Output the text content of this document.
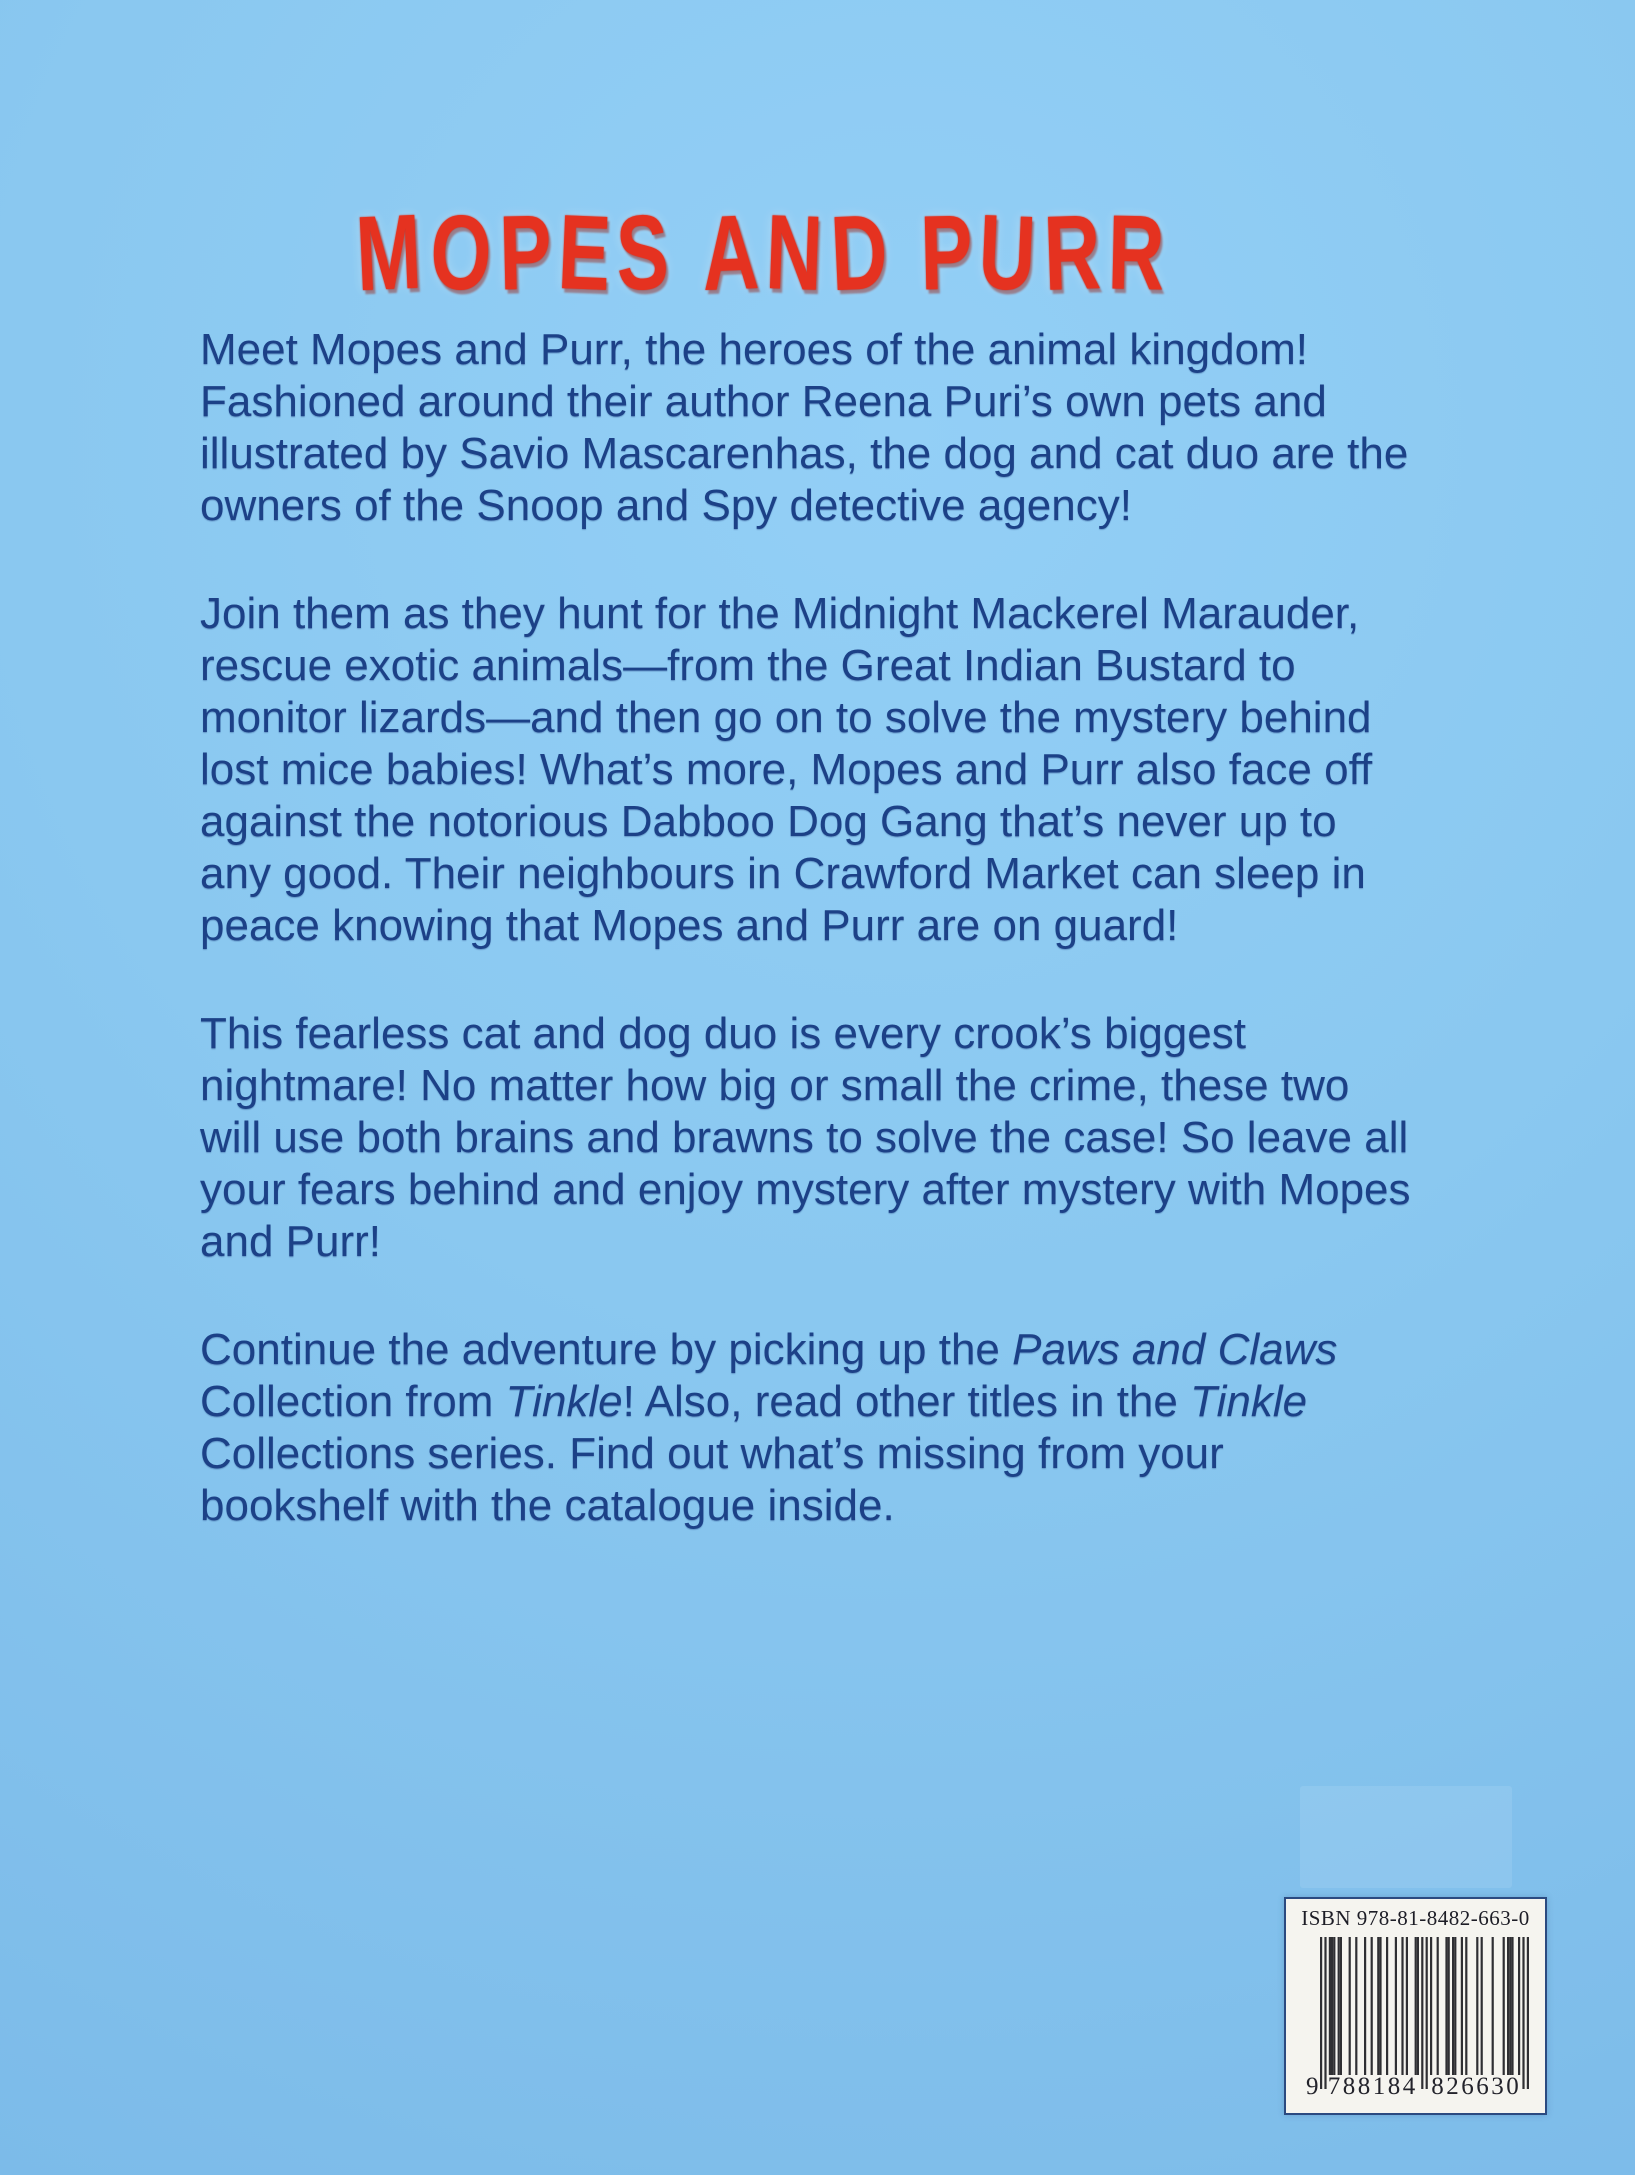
MOPES AND PURR
Meet Mopes and Purr, the heroes of the animal kingdom!
Fashioned around their author Reena Puri’s own pets and
illustrated by Savio Mascarenhas, the dog and cat duo are the
owners of the Snoop and Spy detective agency!
Join them as they hunt for the Midnight Mackerel Marauder,
rescue exotic animals—from the Great Indian Bustard to
monitor lizards—and then go on to solve the mystery behind
lost mice babies! What’s more, Mopes and Purr also face off
against the notorious Dabboo Dog Gang that’s never up to
any good. Their neighbours in Crawford Market can sleep in
peace knowing that Mopes and Purr are on guard!
This fearless cat and dog duo is every crook’s biggest
nightmare! No matter how big or small the crime, these two
will use both brains and brawns to solve the case! So leave all
your fears behind and enjoy mystery after mystery with Mopes
and Purr!
Continue the adventure by picking up the Paws and Claws
Collection from Tinkle! Also, read other titles in the Tinkle
Collections series. Find out what’s missing from your
bookshelf with the catalogue inside.
ISBN 978-81-8482-663-0
9 788184 826630
